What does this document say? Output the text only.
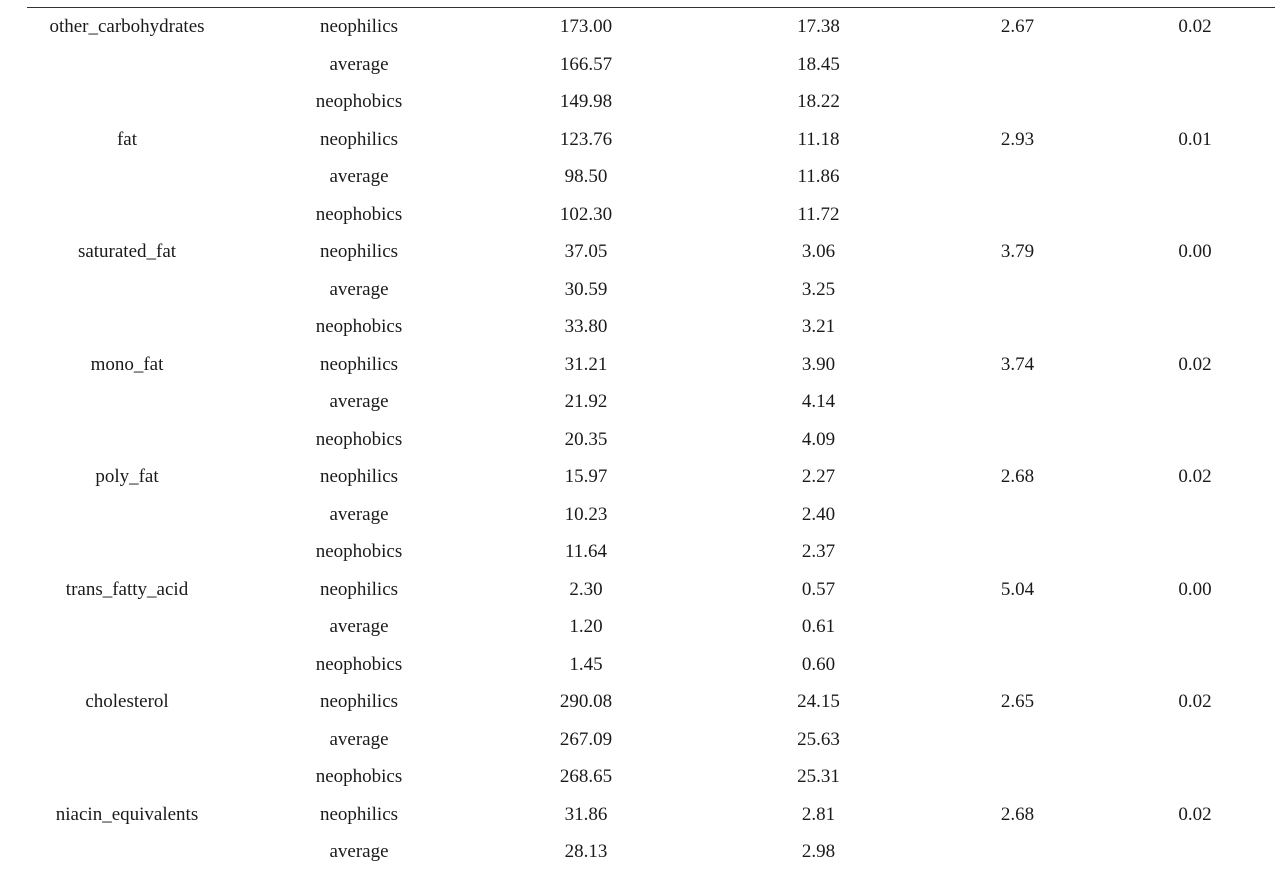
other_carbohydrates	neophilics	173.00	17.38	2.67	0.02
	average	166.57	18.45		
	neophobics	149.98	18.22		
fat	neophilics	123.76	11.18	2.93	0.01
	average	98.50	11.86		
	neophobics	102.30	11.72		
saturated_fat	neophilics	37.05	3.06	3.79	0.00
	average	30.59	3.25		
	neophobics	33.80	3.21		
mono_fat	neophilics	31.21	3.90	3.74	0.02
	average	21.92	4.14		
	neophobics	20.35	4.09		
poly_fat	neophilics	15.97	2.27	2.68	0.02
	average	10.23	2.40		
	neophobics	11.64	2.37		
trans_fatty_acid	neophilics	2.30	0.57	5.04	0.00
	average	1.20	0.61		
	neophobics	1.45	0.60		
cholesterol	neophilics	290.08	24.15	2.65	0.02
	average	267.09	25.63		
	neophobics	268.65	25.31		
niacin_equivalents	neophilics	31.86	2.81	2.68	0.02
	average	28.13	2.98		
